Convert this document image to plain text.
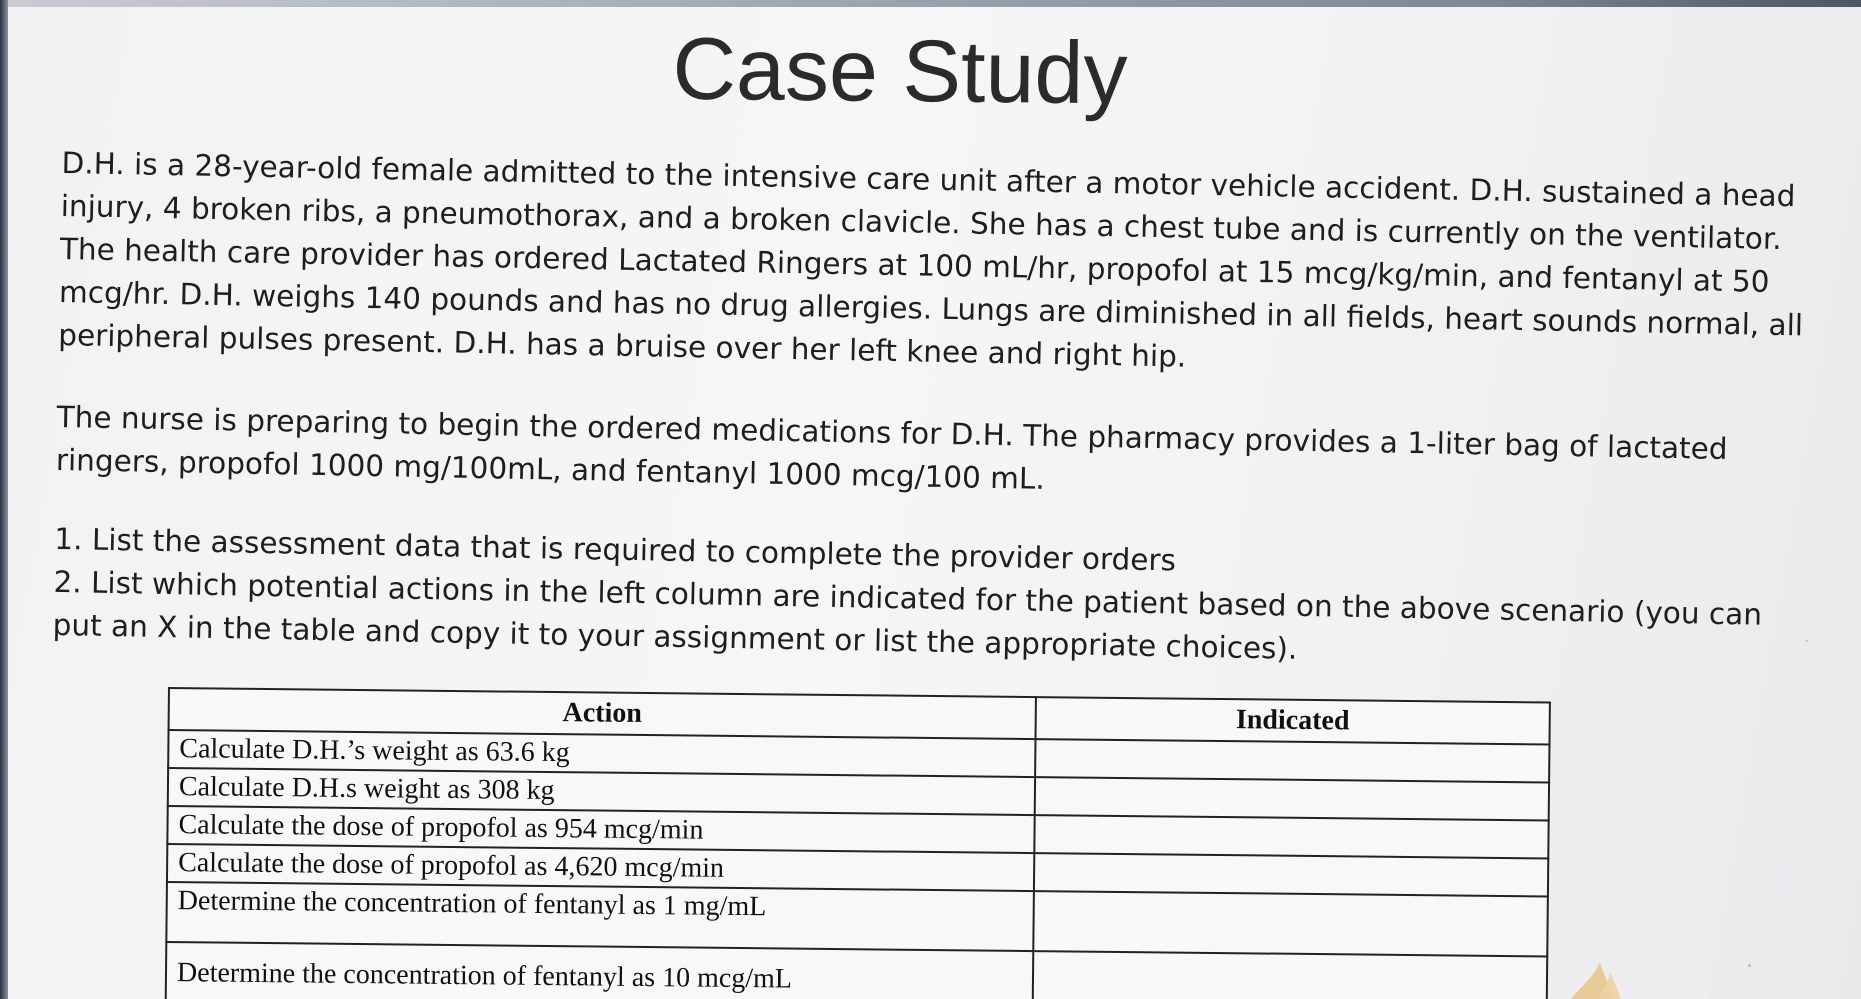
Case Study

D.H. is a 28-year-old female admitted to the intensive care unit after a motor vehicle accident. D.H. sustained a head injury, 4 broken ribs, a pneumothorax, and a broken clavicle. She has a chest tube and is currently on the ventilator. The health care provider has ordered Lactated Ringers at 100 mL/hr, propofol at 15 mcg/kg/min, and fentanyl at 50 mcg/hr. D.H. weighs 140 pounds and has no drug allergies. Lungs are diminished in all fields, heart sounds normal, all peripheral pulses present. D.H. has a bruise over her left knee and right hip.

The nurse is preparing to begin the ordered medications for D.H. The pharmacy provides a 1-liter bag of lactated ringers, propofol 1000 mg/100mL, and fentanyl 1000 mcg/100 mL.

1. List the assessment data that is required to complete the provider orders

2. List which potential actions in the left column are indicated for the patient based on the above scenario (you can put an X in the table and copy it to your assignment or list the appropriate choices).

Action	Indicated
Calculate D.H.’s weight as 63.6 kg	
Calculate D.H.s weight as 308 kg	
Calculate the dose of propofol as 954 mcg/min	
Calculate the dose of propofol as 4,620 mcg/min	
Determine the concentration of fentanyl as 1 mg/mL	
Determine the concentration of fentanyl as 10 mcg/mL	
